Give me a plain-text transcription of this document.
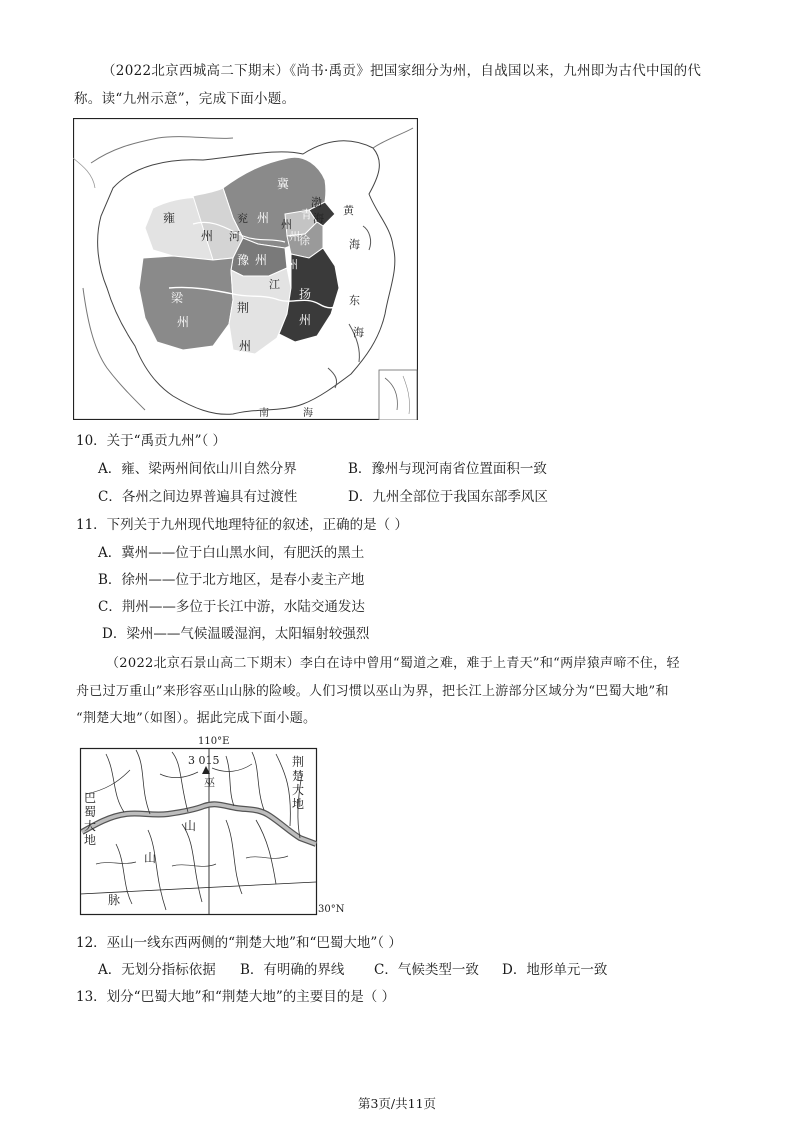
（2022北京西城高二下期末）《尚书·禹贡》把国家细分为州，自战国以来，九州即为古代中国的代
称。读“九州示意”，完成下面小题。
冀
州
雍
州
兖	州
河
青
州 徐
州
豫 州
江
梁
州
荆
州
扬
州
渤
海
黄
海
东
海
南	海
10．关于“禹贡九州”（ ）
A．雍、梁两州间依山川自然分界	B．豫州与现河南省位置面积一致
C．各州之间边界普遍具有过渡性	D．九州全部位于我国东部季风区
11．下列关于九州现代地理特征的叙述，正确的是（ ）
A．冀州——位于白山黑水间，有肥沃的黑土
B．徐州——位于北方地区，是春小麦主产地
C．荆州——多位于长江中游，水陆交通发达
D．梁州——气候温暖湿润，太阳辐射较强烈
（2022北京石景山高二下期末）李白在诗中曾用“蜀道之难，难于上青天”和“两岸猿声啼不住，轻
舟已过万重山”来形容巫山山脉的险峻。人们习惯以巫山为界，把长江上游部分区域分为“巴蜀大地”和
“荆楚大地”（如图）。据此完成下面小题。
110°E
3 015
巫
山
山
脉
巴
蜀
大
地
荆
楚
大
地
30°N
12．巫山一线东西两侧的“荆楚大地”和“巴蜀大地”（ ）
A．无划分指标依据 B．有明确的界线 C．气候类型一致 D．地形单元一致
13．划分“巴蜀大地”和“荆楚大地”的主要目的是（ ）
第3页/共11页
